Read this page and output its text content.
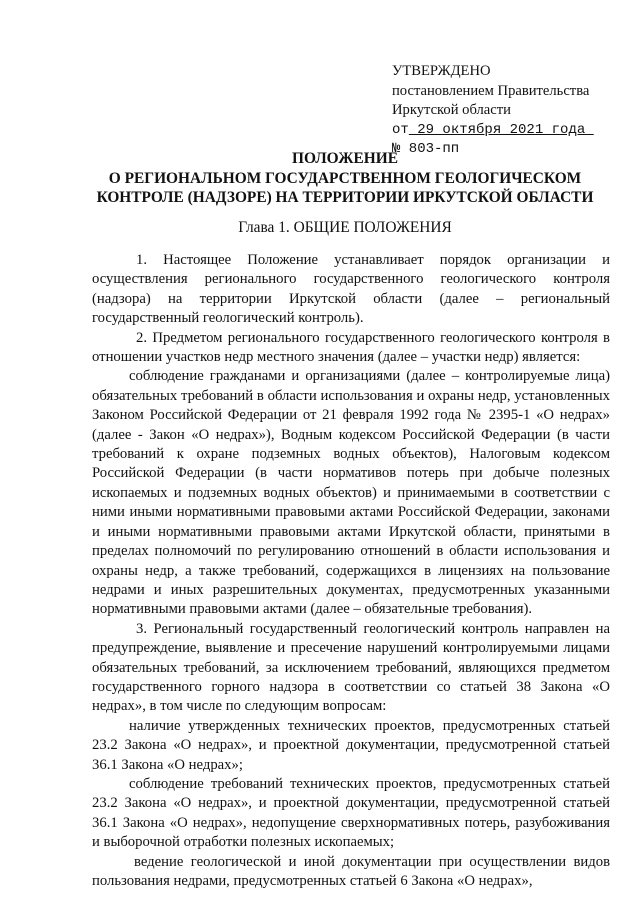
УТВЕРЖДЕНО
постановлением Правительства
Иркутской области
от 29 октября 2021 года
№ 803-пп
ПОЛОЖЕНИЕ
О РЕГИОНАЛЬНОМ ГОСУДАРСТВЕННОМ ГЕОЛОГИЧЕСКОМ
КОНТРОЛЕ (НАДЗОРЕ) НА ТЕРРИТОРИИ ИРКУТСКОЙ ОБЛАСТИ
Глава 1. ОБЩИЕ ПОЛОЖЕНИЯ

1. Настоящее Положение устанавливает порядок организации и осуществления регионального государственного геологического контроля (надзора) на территории Иркутской области (далее – региональный государственный геологический контроль).

2. Предметом регионального государственного геологического контроля в отношении участков недр местного значения (далее – участки недр) является:

соблюдение гражданами и организациями (далее – контролируемые лица) обязательных требований в области использования и охраны недр, установленных Законом Российской Федерации от 21 февраля 1992 года № 2395-1 «О недрах» (далее - Закон «О недрах»), Водным кодексом Российской Федерации (в части требований к охране подземных водных объектов), Налоговым кодексом Российской Федерации (в части нормативов потерь при добыче полезных ископаемых и подземных водных объектов) и принимаемыми в соответствии с ними иными нормативными правовыми актами Российской Федерации, законами и иными нормативными правовыми актами Иркутской области, принятыми в пределах полномочий по регулированию отношений в области использования и охраны недр, а также требований, содержащихся в лицензиях на пользование недрами и иных разрешительных документах, предусмотренных указанными нормативными правовыми актами (далее – обязательные требования).

3. Региональный государственный геологический контроль направлен на предупреждение, выявление и пресечение нарушений контролируемыми лицами обязательных требований, за исключением требований, являющихся предметом государственного горного надзора в соответствии со статьей 38 Закона «О недрах», в том числе по следующим вопросам:

наличие утвержденных технических проектов, предусмотренных статьей 23.2 Закона «О недрах», и проектной документации, предусмотренной статьей 36.1 Закона «О недрах»;

соблюдение требований технических проектов, предусмотренных статьей 23.2 Закона «О недрах», и проектной документации, предусмотренной статьей 36.1 Закона «О недрах», недопущение сверхнормативных потерь, разубоживания и выборочной отработки полезных ископаемых;

ведение геологической и иной документации при осуществлении видов пользования недрами, предусмотренных статьей 6 Закона «О недрах»,
